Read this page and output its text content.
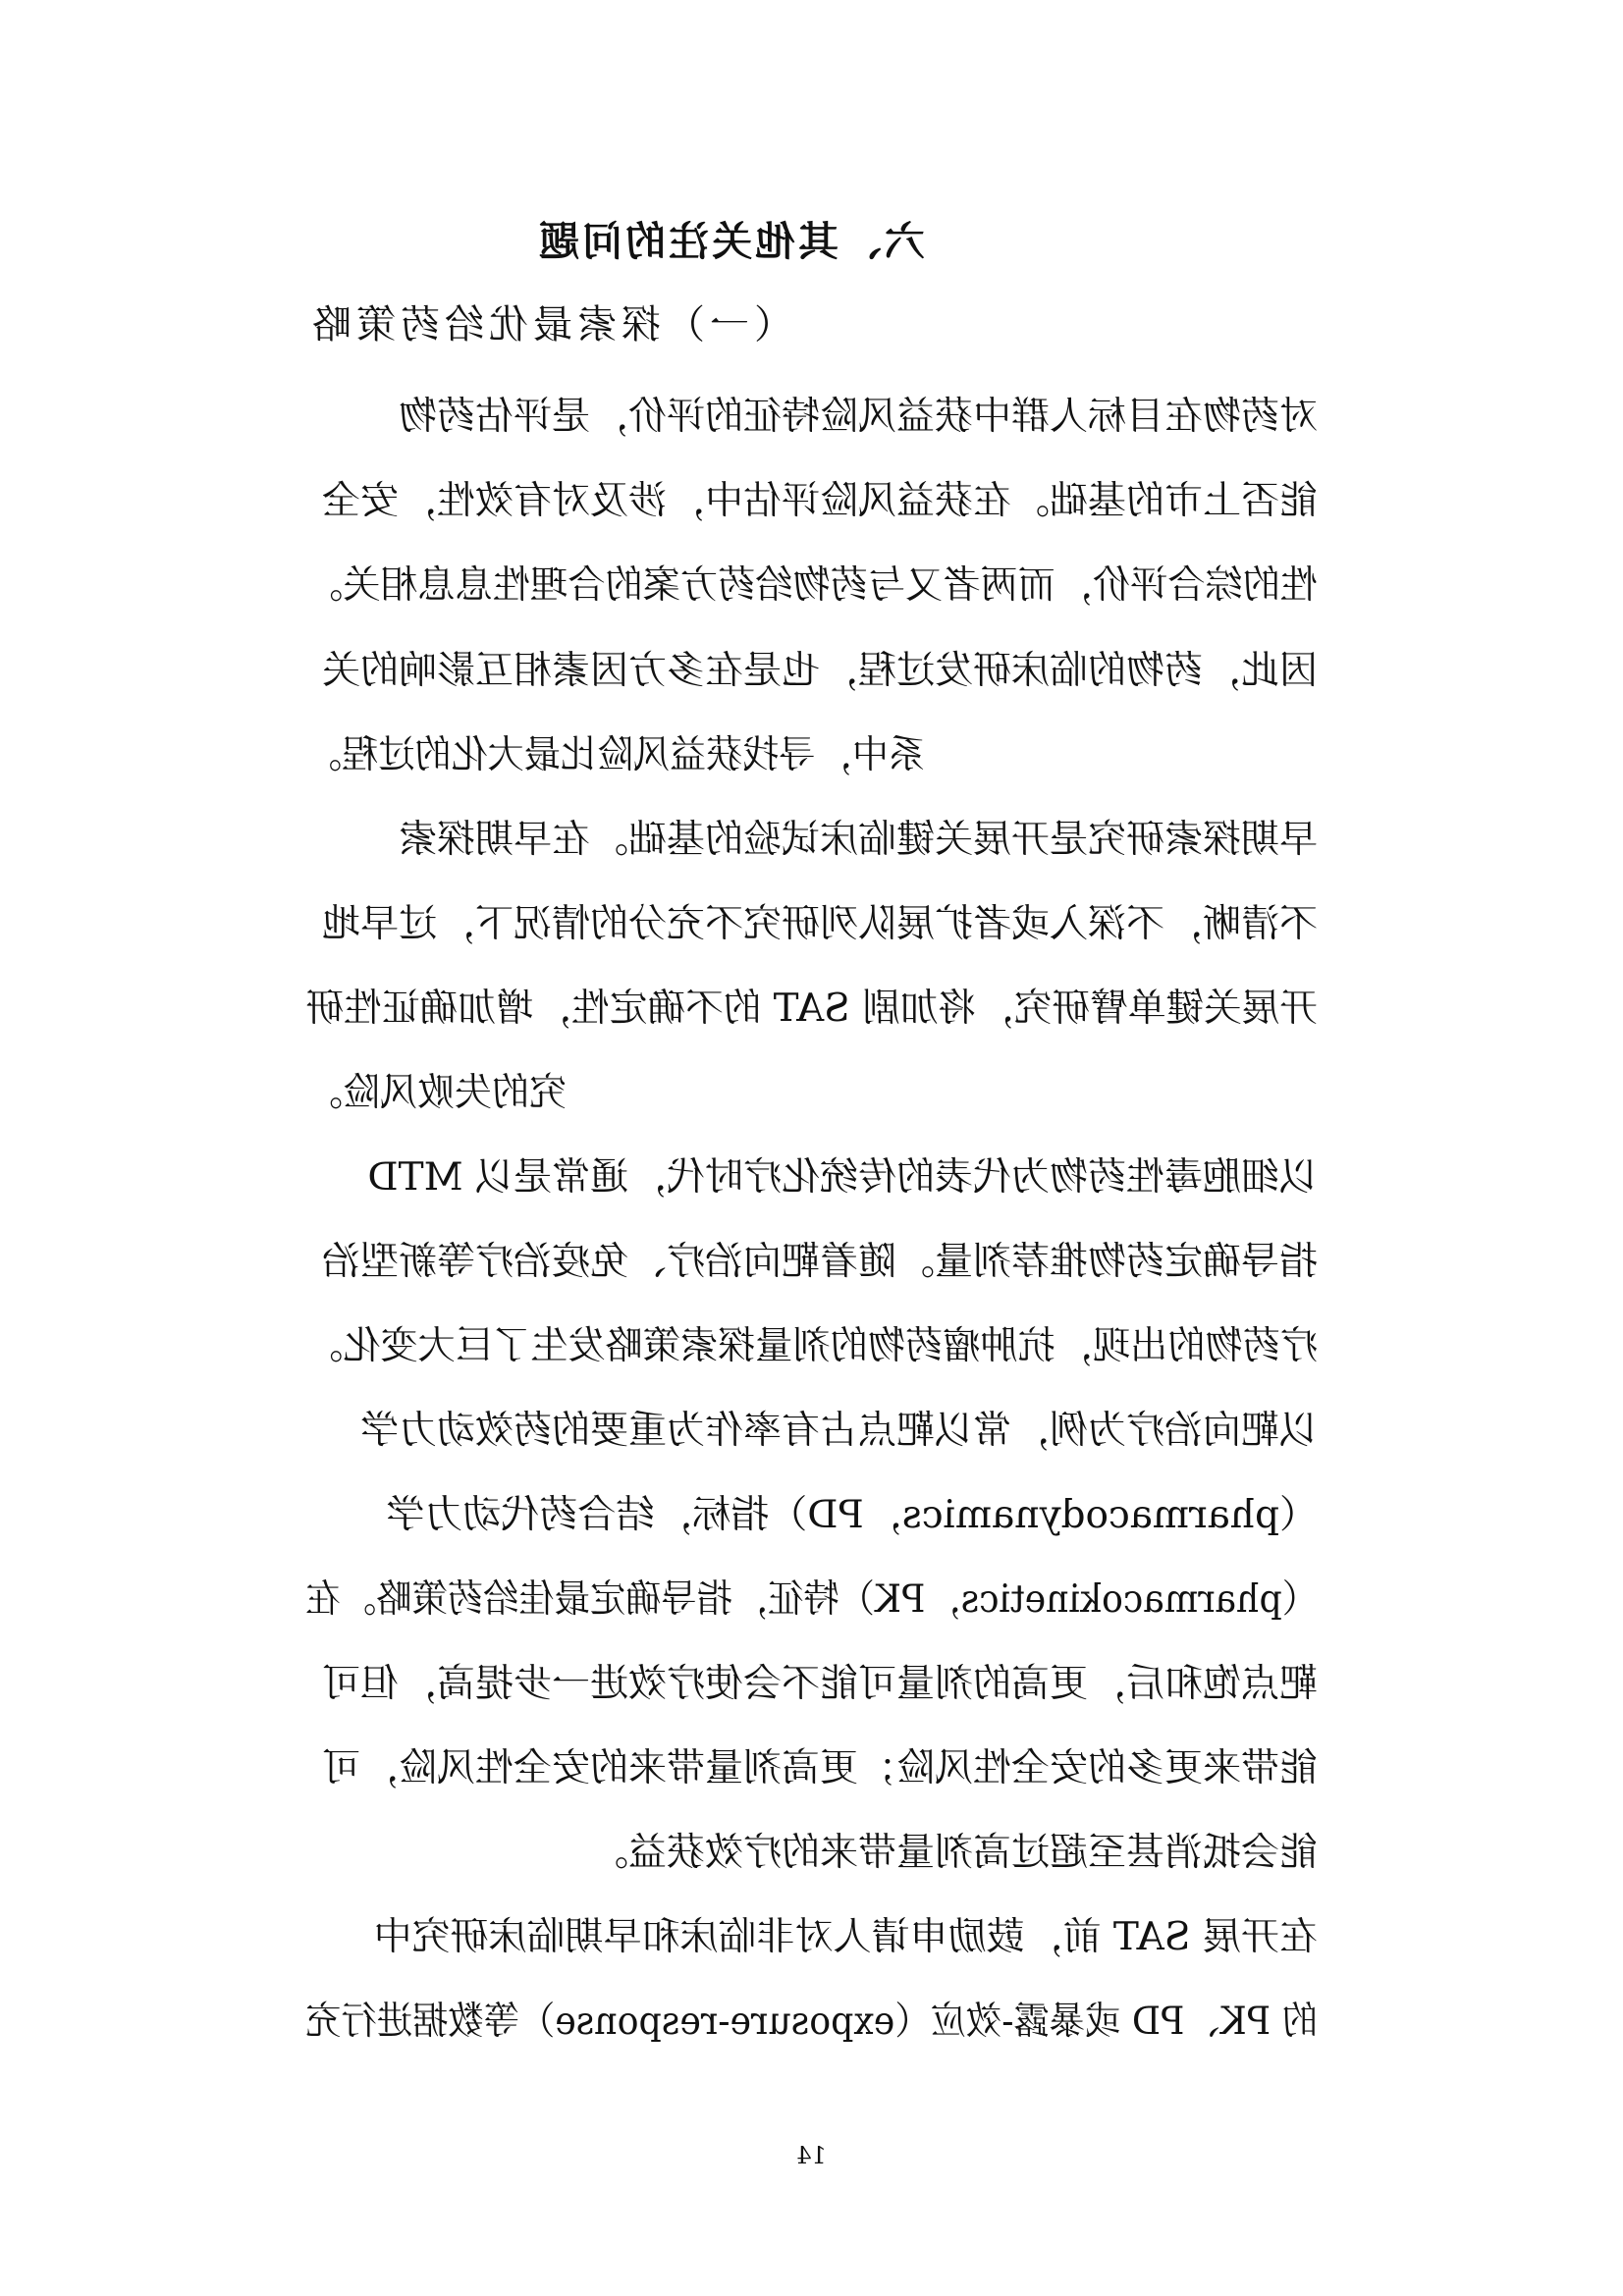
六、其他关注的问题
（一）探索最优给药策略
对药物在目标人群中获益风险特征的评价，是评估药物
能否上市的基础。在获益风险评估中，涉及对有效性，安全
性的综合评价，而两者又与药物给药方案的合理性息息相关。
因此，药物的临床研发过程，也是在多方因素相互影响的关
系中，寻找获益风险比最大化的过程。
早期探索研究是开展关键临床试验的基础。在早期探索
不清晰，不深入或者扩展队列研究不充分的情况下，过早地
开展关键单臂研究，将加剧 SAT 的不确定性，增加确证性研
究的失败风险。
以细胞毒性药物为代表的传统化疗时代，通常是以 MTD
指导确定药物推荐剂量。随着靶向治疗、免疫治疗等新型治
疗药物的出现，抗肿瘤药物的剂量探索策略发生了巨大变化。
以靶向治疗为例，常以靶点占有率作为重要的药效动力学
（pharmacodynamics，PD）指标，结合药代动力学
（pharmacokinetics，PK）特征，指导确定最佳给药策略。在
靶点饱和后，更高的剂量可能不会使疗效进一步提高，但可
能带来更多的安全性风险；更高剂量带来的安全性风险，可
能会抵消甚至超过高剂量带来的疗效获益。
在开展 SAT 前，鼓励申请人对非临床和早期临床研究中
的 PK、PD 或暴露-效应（exposure-response）等数据进行充
14
